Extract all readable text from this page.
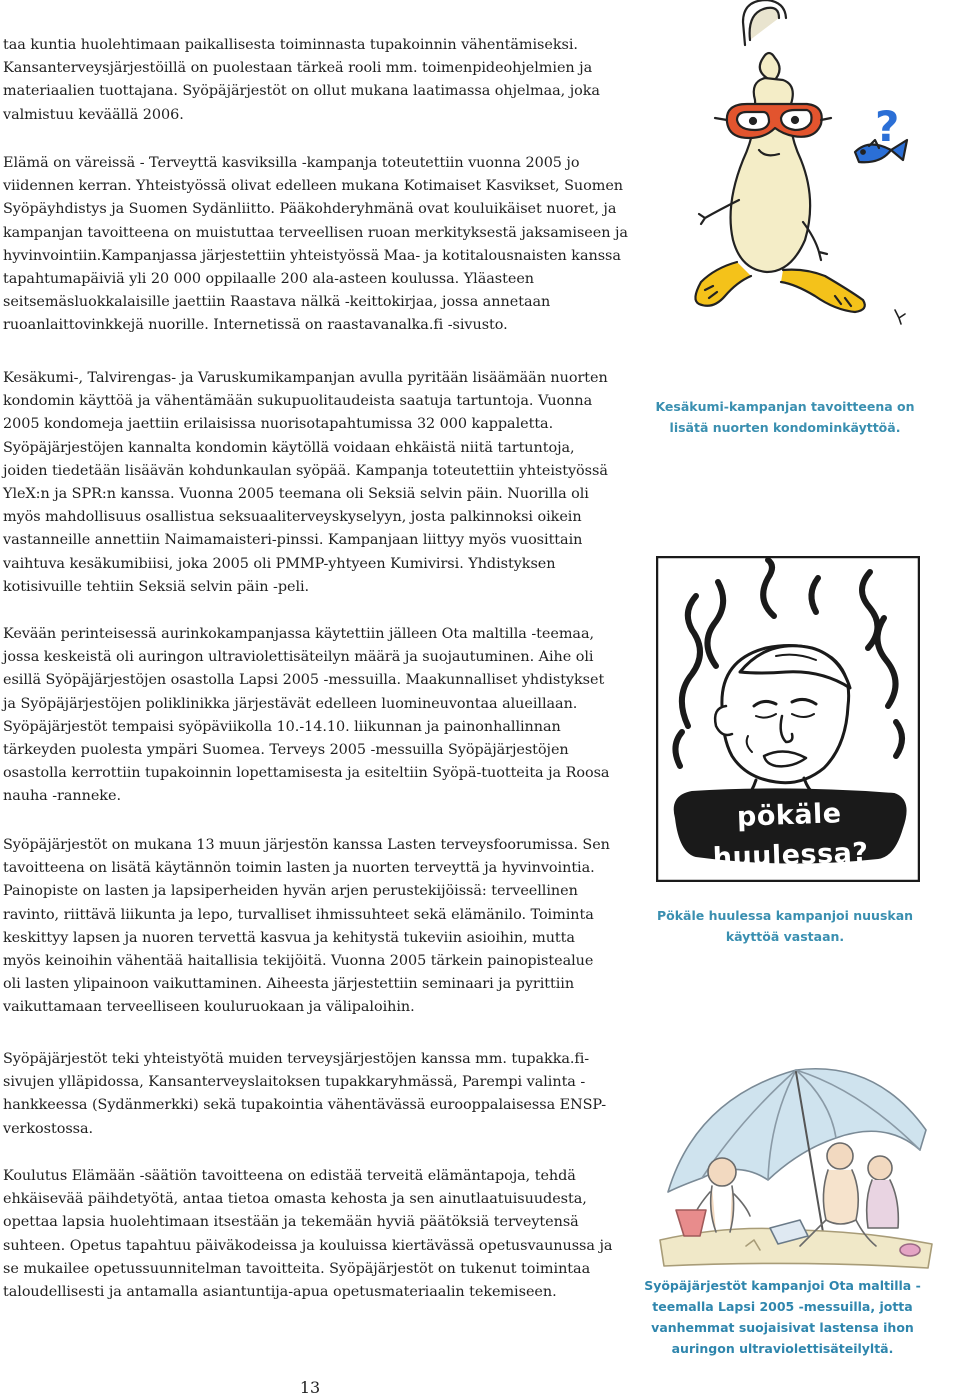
taa kuntia huolehtimaan paikallisesta toiminnasta tupakoinnin vähentämiseksi. Kansanterveysjärjestöillä on puolestaan tärkeä rooli mm. toimenpideohjelmien ja materiaalien tuottajana. Syöpäjärjestöt on ollut mukana laatimassa ohjelmaa, joka valmistuu keväällä 2006.

Elämä on väreissä - Terveyttä kasviksilla -kampanja toteutettiin vuonna 2005 jo viidennen kerran. Yhteistyössä olivat edelleen mukana Kotimaiset Kasvikset, Suomen Syöpäyhdistys ja Suomen Sydänliitto. Pääkohderyhmänä ovat kouluikäiset nuoret, ja kampanjan tavoitteena on muistuttaa terveellisen ruoan merkityksestä jaksamiseen ja hyvinvointiin.Kampanjassa järjestettiin yhteistyössä Maa- ja kotitalousnaisten kanssa tapahtumapäiviä yli 20 000 oppilaalle 200 ala-asteen koulussa. Yläasteen seitsemäsluokkalaisille jaettiin Raastava nälkä -keittokirjaa, jossa annetaan ruoanlaittovinkkejä nuorille. Internetissä on raastavanalka.fi -sivusto.

Kesäkumi-, Talvirengas- ja Varuskumikampanjan avulla pyritään lisäämään nuorten kondomin käyttöä ja vähentämään sukupuolitaudeista saatuja tartuntoja. Vuonna 2005 kondomeja jaettiin erilaisissa nuorisotapahtumissa 32 000 kappaletta. Syöpäjärjestöjen kannalta kondomin käytöllä voidaan ehkäistä niitä tartuntoja, joiden tiedetään lisäävän kohdunkaulan syöpää. Kampanja toteutettiin yhteistyössä YleX:n ja SPR:n kanssa. Vuonna 2005 teemana oli Seksiä selvin päin. Nuorilla oli myös mahdollisuus osallistua seksuaaliterveyskyselyyn, josta palkinnoksi oikein vastanneille annettiin Naimamaisteri-pinssi. Kampanjaan liittyy myös vuosittain vaihtuva kesäkumibiisi, joka 2005 oli PMMP-yhtyeen Kumivirsi. Yhdistyksen kotisivuille tehtiin Seksiä selvin päin -peli.

Kevään perinteisessä aurinkokampanjassa käytettiin jälleen Ota maltilla -teemaa, jossa keskeistä oli auringon ultraviolettisäteilyn määrä ja suojautuminen. Aihe oli esillä Syöpäjärjestöjen osastolla Lapsi 2005 -messuilla. Maakunnalliset yhdistykset ja Syöpäjärjestöjen poliklinikka järjestävät edelleen luomineuvontaa alueillaan. Syöpäjärjestöt tempaisi syöpäviikolla 10.-14.10. liikunnan ja painonhallinnan tärkeyden puolesta ympäri Suomea. Terveys 2005 -messuilla Syöpäjärjestöjen osastolla kerrottiin tupakoinnin lopettamisesta ja esiteltiin Syöpä-tuotteita ja Roosa nauha -ranneke.

Syöpäjärjestöt on mukana 13 muun järjestön kanssa Lasten terveysfoorumissa. Sen tavoitteena on lisätä käytännön toimin lasten ja nuorten terveyttä ja hyvinvointia. Painopiste on lasten ja lapsiperheiden hyvän arjen perustekijöissä: terveellinen ravinto, riittävä liikunta ja lepo, turvalliset ihmissuhteet sekä elämänilo. Toiminta keskittyy lapsen ja nuoren tervettä kasvua ja kehitystä tukeviin asioihin, mutta myös keinoihin vähentää haitallisia tekijöitä. Vuonna 2005 tärkein painopistealue oli lasten ylipainoon vaikuttaminen. Aiheesta järjestettiin seminaari ja pyrittiin vaikuttamaan terveelliseen kouluruokaan ja välipaloihin.

Syöpäjärjestöt teki yhteistyötä muiden terveysjärjestöjen kanssa mm. tupakka.fi-sivujen ylläpidossa, Kansanterveyslaitoksen tupakkaryhmässä, Parempi valinta -hankkeessa (Sydänmerkki) sekä tupakointia vähentävässä eurooppalaisessa ENSP-verkostossa.

Koulutus Elämään -säätiön tavoitteena on edistää terveitä elämäntapoja, tehdä ehkäisevää päihdetyötä, antaa tietoa omasta kehosta ja sen ainutlaatuisuudesta, opettaa lapsia huolehtimaan itsestään ja tekemään hyviä päätöksiä terveytensä suhteen. Opetus tapahtuu päiväkodeissa ja kouluissa kiertävässä opetusvaunussa ja se mukailee opetussuunnitelman tavoitteita. Syöpäjärjestöt on tukenut toimintaa taloudellisesti ja antamalla asiantuntija-apua opetusmateriaalin tekemiseen.

?

Kesäkumi-kampanjan tavoitteena on lisätä nuorten kondominkäyttöä.

pökäle huulessa?

Pökäle huulessa kampanjoi nuuskan käyttöä vastaan.

Syöpäjärjestöt kampanjoi Ota maltilla -teemalla Lapsi 2005 -messuilla, jotta vanhemmat suojaisivat lastensa ihon auringon ultraviolettisäteilyltä.

13
